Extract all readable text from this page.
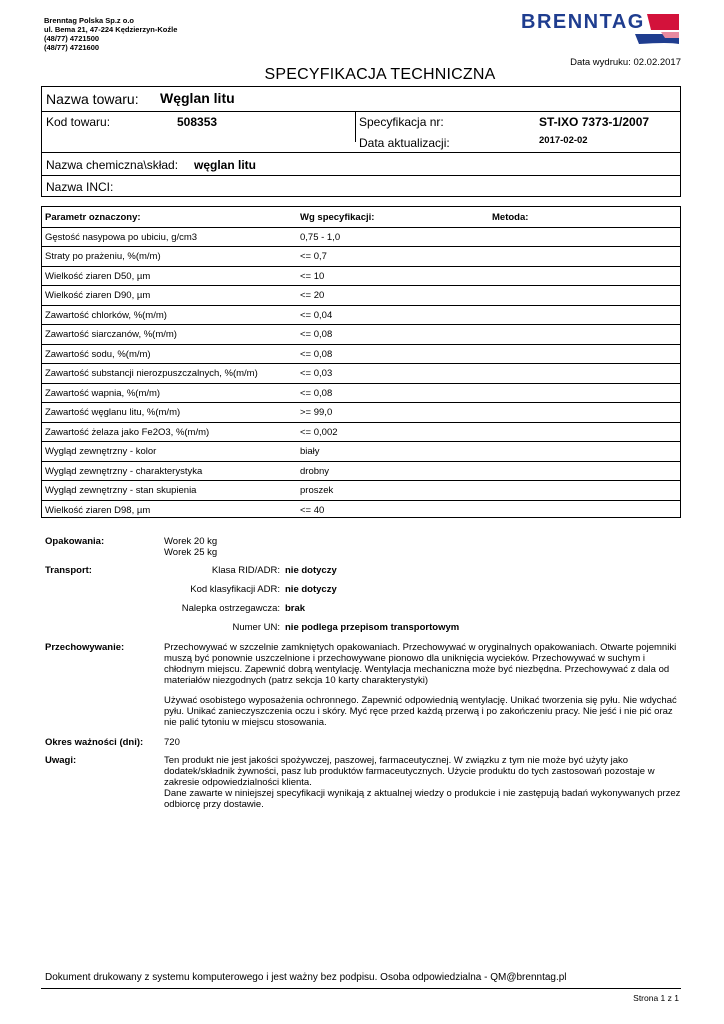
Brenntag Polska Sp.z o.o
ul. Bema 21, 47-224 Kędzierzyn-Koźle
(48/77) 4721500
(48/77) 4721600
BRENNTAG
Data wydruku: 02.02.2017
SPECYFIKACJA TECHNICZNA
Nazwa towaru: Węglan litu
Kod towaru:	508353	Specyfikacja nr:	ST-IXO 7373-1/2007
Data aktualizacji:	2017-02-02
Nazwa chemiczna\skład: węglan litu
Nazwa INCI:
Parametr oznaczony:	Wg specyfikacji:	Metoda:
Gęstość nasypowa po ubiciu, g/cm3	0,75 - 1,0
Straty po prażeniu, %(m/m)	<= 0,7
Wielkość ziaren D50, µm	<= 10
Wielkość ziaren D90, µm	<= 20
Zawartość chlorków, %(m/m)	<= 0,04
Zawartość siarczanów, %(m/m)	<= 0,08
Zawartość sodu, %(m/m)	<= 0,08
Zawartość substancji nierozpuszczalnych, %(m/m)	<= 0,03
Zawartość wapnia, %(m/m)	<= 0,08
Zawartość węglanu litu, %(m/m)	>= 99,0
Zawartość żelaza jako Fe2O3, %(m/m)	<= 0,002
Wygląd zewnętrzny - kolor	biały
Wygląd zewnętrzny - charakterystyka	drobny
Wygląd zewnętrzny - stan skupienia	proszek
Wielkość ziaren D98, µm	<= 40
Opakowania:	Worek 20 kg
Worek 25 kg
Transport:	Klasa RID/ADR: nie dotyczy
Kod klasyfikacji ADR: nie dotyczy
Nalepka ostrzegawcza: brak
Numer UN: nie podlega przepisom transportowym
Przechowywanie:	Przechowywać w szczelnie zamkniętych opakowaniach. Przechowywać w oryginalnych opakowaniach. Otwarte pojemniki muszą być ponownie uszczelnione i przechowywane pionowo dla uniknięcia wycieków. Przechowywać w suchym i chłodnym miejscu. Zapewnić dobrą wentylację. Wentylacja mechaniczna może być niezbędna. Przechowywać z dala od materiałów niezgodnych (patrz sekcja 10 karty charakterystyki)
Używać osobistego wyposażenia ochronnego. Zapewnić odpowiednią wentylację. Unikać tworzenia się pyłu. Nie wdychać pyłu. Unikać zanieczyszczenia oczu i skóry. Myć ręce przed każdą przerwą i po zakończeniu pracy. Nie jeść i nie pić oraz nie palić tytoniu w miejscu stosowania.
Okres ważności (dni): 720
Uwagi:	Ten produkt nie jest jakości spożywczej, paszowej, farmaceutycznej. W związku z tym nie może być użyty jako dodatek/składnik żywności, pasz lub produktów farmaceutycznych. Użycie produktu do tych zastosowań pozostaje w zakresie odpowiedzialności klienta.
Dane zawarte w niniejszej specyfikacji wynikają z aktualnej wiedzy o produkcie i nie zastępują badań wykonywanych przez odbiorcę przy dostawie.
Dokument drukowany z systemu komputerowego i jest ważny bez podpisu. Osoba odpowiedzialna - QM@brenntag.pl
Strona 1 z 1
